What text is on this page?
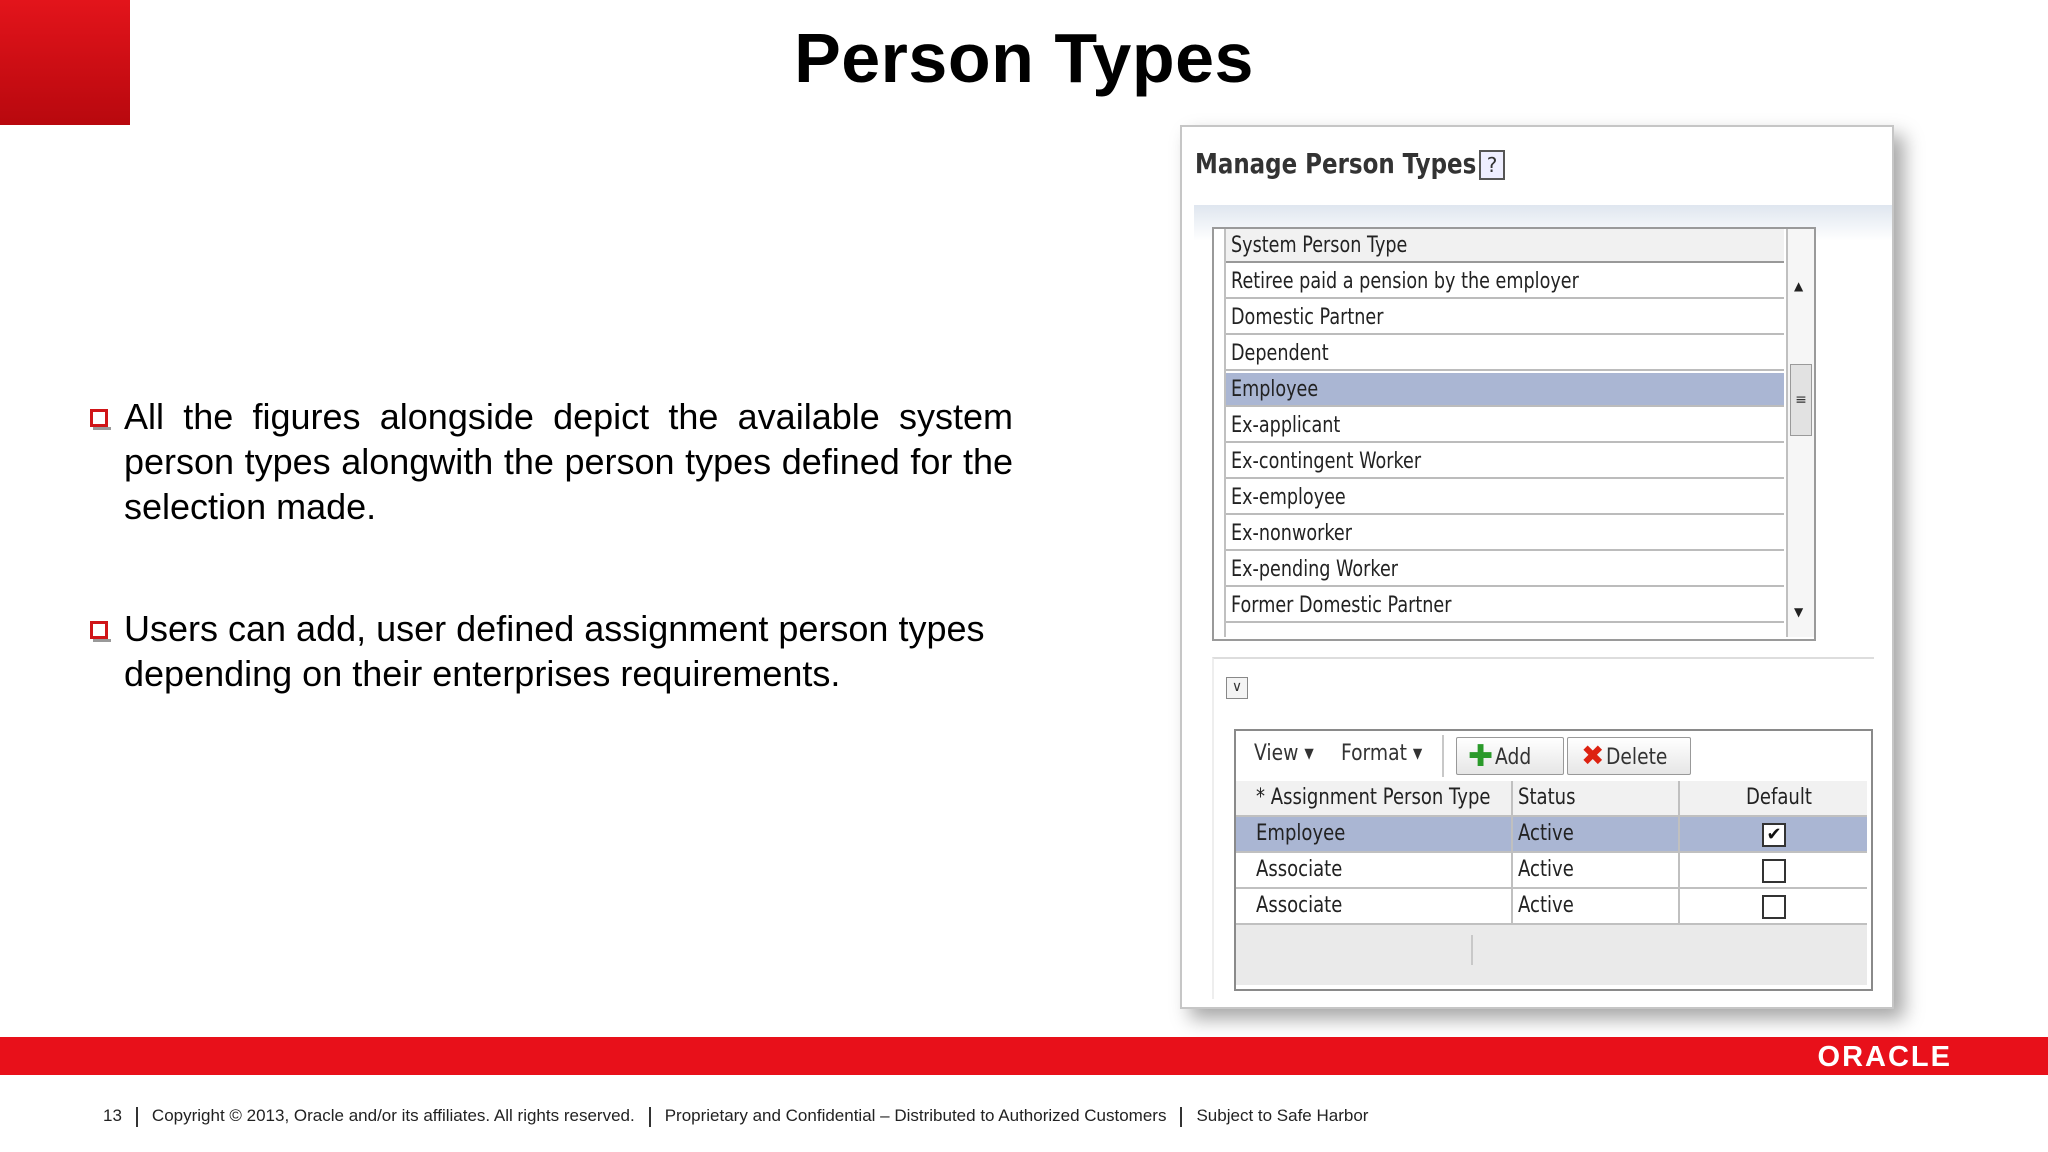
Person Types
All the figures alongside depict the available system person types alongwith the person types defined for the selection made.
Users can add, user defined assignment person types depending on their enterprises requirements.
Manage Person Types ?
System Person Type
Retiree paid a pension by the employer
Domestic Partner
Dependent
Employee
Ex-applicant
Ex-contingent Worker
Ex-employee
Ex-nonworker
Ex-pending Worker
Former Domestic Partner
▲
≡
▼
∨
View ▾ Format ▾ ✚ Add ✖ Delete
* Assignment Person Type	Status	Default
Employee	Active	✔
Associate	Active
Associate	Active
ORACLE
13 Copyright © 2013, Oracle and/or its affiliates. All rights reserved. Proprietary and Confidential – Distributed to Authorized Customers Subject to Safe Harbor
